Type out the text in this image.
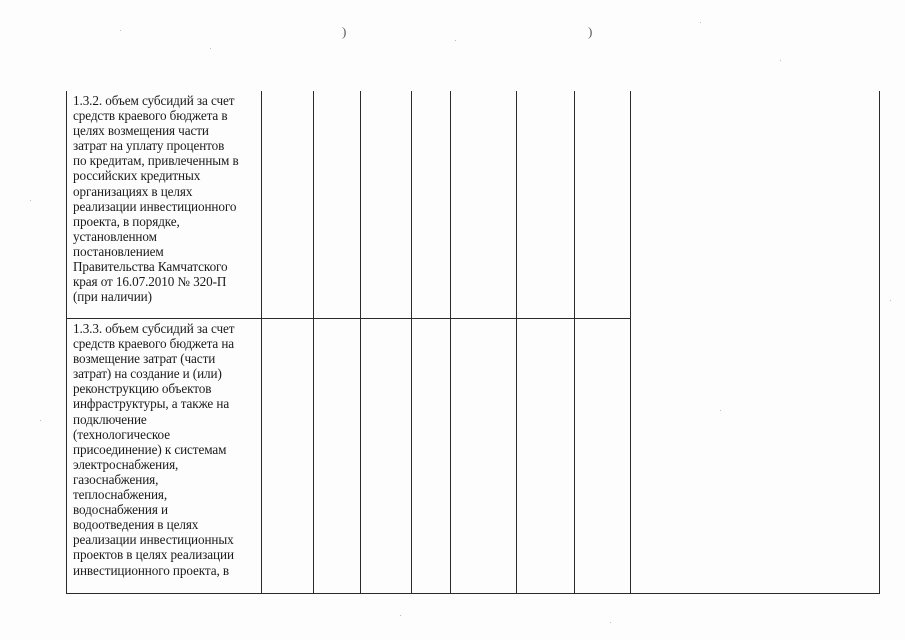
)	)
1.3.2. объем субсидий за счет
средств краевого бюджета в
целях возмещения части
затрат на уплату процентов
по кредитам, привлеченным в
российских кредитных
организациях в целях
реализации инвестиционного
проекта, в порядке,
установленном
постановлением
Правительства Камчатского
края от 16.07.2010 № 320-П
(при наличии)
1.3.3. объем субсидий за счет
средств краевого бюджета на
возмещение затрат (части
затрат) на создание и (или)
реконструкцию объектов
инфраструктуры, а также на
подключение
(технологическое
присоединение) к системам
электроснабжения,
газоснабжения,
теплоснабжения,
водоснабжения и
водоотведения в целях
реализации инвестиционных
проектов в целях реализации
инвестиционного проекта, в
